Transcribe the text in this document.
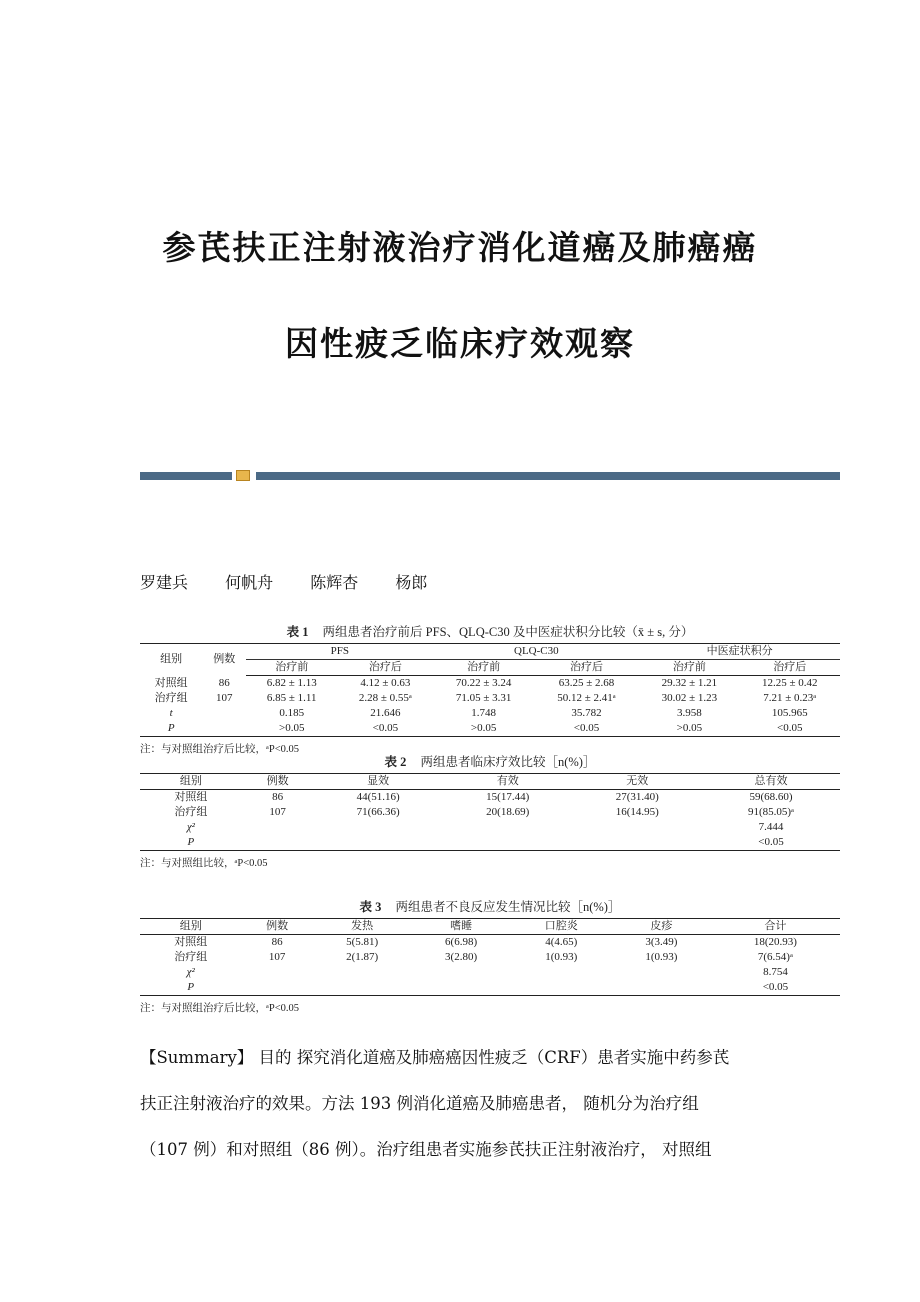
参芪扶正注射液治疗消化道癌及肺癌癌
因性疲乏临床疗效观察
罗建兵 何帆舟 陈辉杏 杨郎
表 1 两组患者治疗前后 PFS、QLQ-C30 及中医症状积分比较（x̄ ± s, 分）
组别	例数	PFS		QLQ-C30		中医症状积分	
		治疗前	治疗后	治疗前	治疗后	治疗前	治疗后
对照组	86	6.82 ± 1.13	4.12 ± 0.63	70.22 ± 3.24	63.25 ± 2.68	29.32 ± 1.21	12.25 ± 0.42
治疗组	107	6.85 ± 1.11	2.28 ± 0.55ᵃ	71.05 ± 3.31	50.12 ± 2.41ᵃ	30.02 ± 1.23	7.21 ± 0.23ᵃ
t		0.185	21.646	1.748	35.782	3.958	105.965
P		>0.05	<0.05	>0.05	<0.05	>0.05	<0.05
注：与对照组治疗后比较，ᵃP<0.05
表 2 两组患者临床疗效比较［n(%)］
组别	例数	显效	有效	无效	总有效
对照组	86	44(51.16)	15(17.44)	27(31.40)	59(68.60)
治疗组	107	71(66.36)	20(18.69)	16(14.95)	91(85.05)ᵃ
χ²					7.444
P					<0.05
注：与对照组比较，ᵃP<0.05
表 3 两组患者不良反应发生情况比较［n(%)］
组别	例数	发热	嗜睡	口腔炎	皮疹	合计
对照组	86	5(5.81)	6(6.98)	4(4.65)	3(3.49)	18(20.93)
治疗组	107	2(1.87)	3(2.80)	1(0.93)	1(0.93)	7(6.54)ᵃ
χ²						8.754
P						<0.05
注：与对照组治疗后比较，ᵃP<0.05

【Summary】 目的 探究消化道癌及肺癌癌因性疲乏（CRF）患者实施中药参芪

扶正注射液治疗的效果。方法 193 例消化道癌及肺癌患者， 随机分为治疗组

（107 例）和对照组（86 例）。治疗组患者实施参芪扶正注射液治疗， 对照组
